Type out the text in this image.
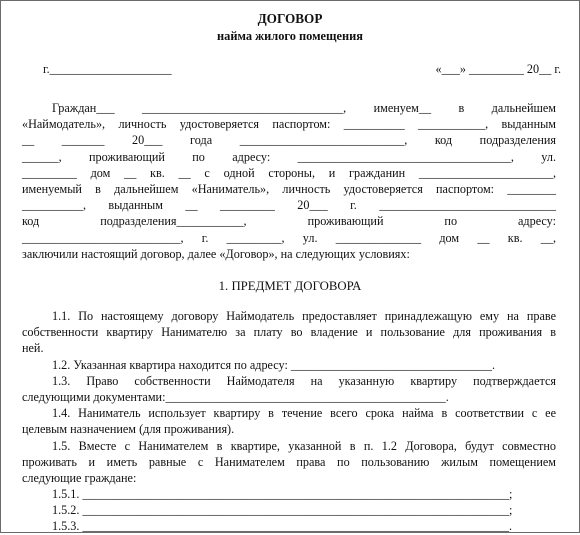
ДОГОВОР
найма жилого помещения
г.____________________	«___» _________ 20__ г.
Граждан___ _________________________________, именуем__ в дальнейшем
«Наймодатель», личность удостоверяется паспортом: __________ ___________, выданным
__ _______ 20___ года ___________________________, код подразделения
______, проживающий по адресу: ___________________________________, ул.
_________ дом __ кв. __ с одной стороны, и гражданин ______________________,
именуемый в дальнейшем «Наниматель», личность удостоверяется паспортом: ________
__________, выданным __ _________ 20___ г. _____________________________
код подразделения___________, проживающий по адресу:
__________________________, г. _________, ул. ______________ дом __ кв. __,
заключили настоящий договор, далее «Договор», на следующих условиях:
1. ПРЕДМЕТ ДОГОВОРА
1.1. По настоящему договору Наймодатель предоставляет принадлежащую ему на праве
собственности квартиру Нанимателю за плату во владение и пользование для проживания в
ней.
1.2. Указанная квартира находится по адресу: _________________________________.
1.3. Право собственности Наймодателя на указанную квартиру подтверждается
следующими документами:______________________________________________.
1.4. Наниматель использует квартиру в течение всего срока найма в соответствии с ее
целевым назначением (для проживания).
1.5. Вместе с Нанимателем в квартире, указанной в п. 1.2 Договора, будут совместно
проживать и иметь равные с Нанимателем права по пользованию жилым помещением
следующие граждане:
1.5.1. ______________________________________________________________________;
1.5.2. ______________________________________________________________________;
1.5.3. ______________________________________________________________________.
